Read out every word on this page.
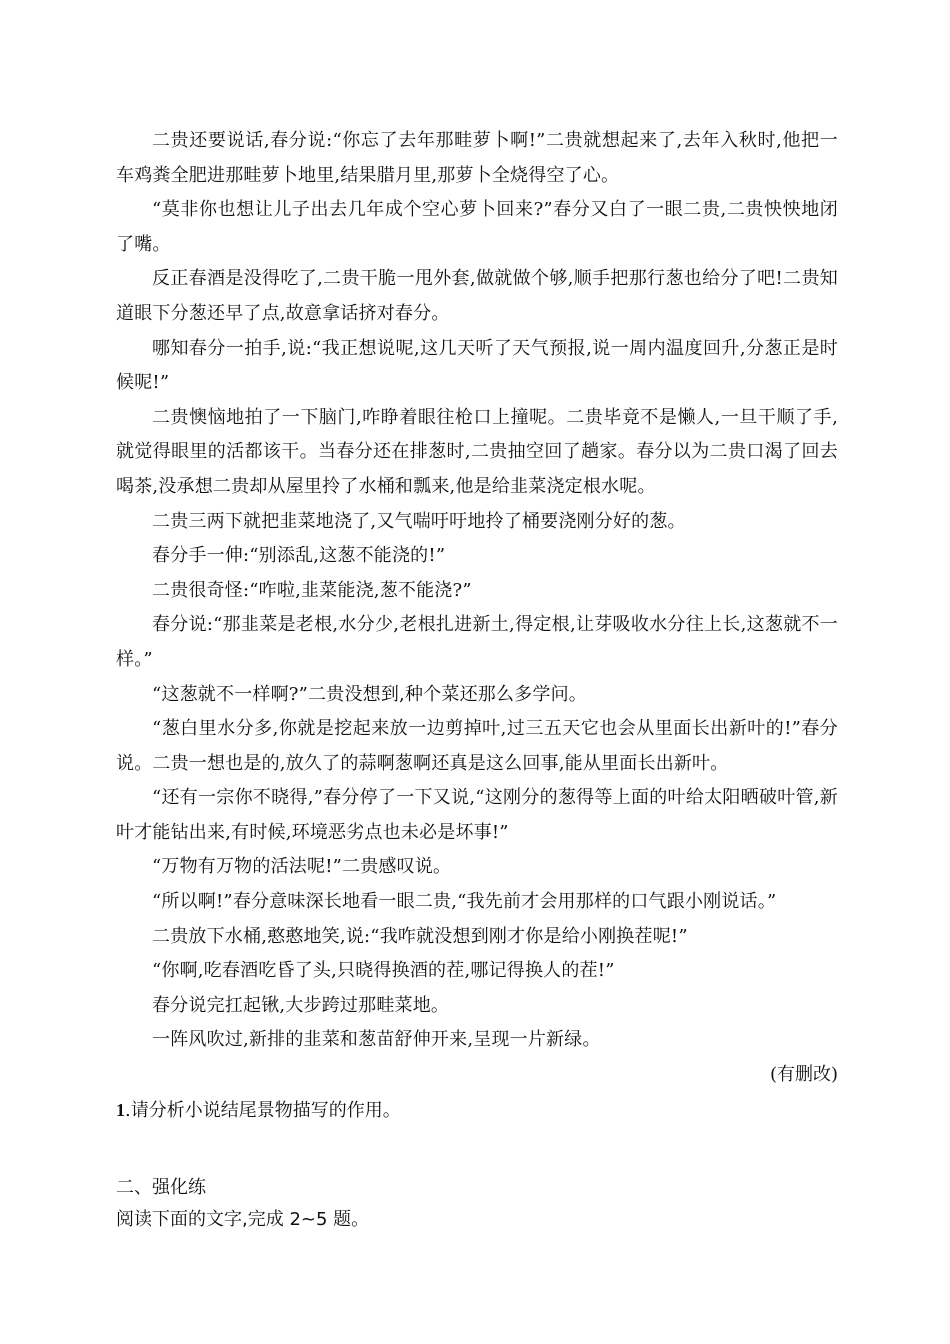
二贵还要说话,春分说:“你忘了去年那畦萝卜啊!”二贵就想起来了,去年入秋时,他把一车鸡粪全肥进那畦萝卜地里,结果腊月里,那萝卜全烧得空了心。

“莫非你也想让儿子出去几年成个空心萝卜回来?”春分又白了一眼二贵,二贵怏怏地闭了嘴。

反正春酒是没得吃了,二贵干脆一甩外套,做就做个够,顺手把那行葱也给分了吧!二贵知道眼下分葱还早了点,故意拿话挤对春分。

哪知春分一拍手,说:“我正想说呢,这几天听了天气预报,说一周内温度回升,分葱正是时候呢!”

二贵懊恼地拍了一下脑门,咋睁着眼往枪口上撞呢。二贵毕竟不是懒人,一旦干顺了手,就觉得眼里的活都该干。当春分还在排葱时,二贵抽空回了趟家。春分以为二贵口渴了回去喝茶,没承想二贵却从屋里拎了水桶和瓢来,他是给韭菜浇定根水呢。

二贵三两下就把韭菜地浇了,又气喘吁吁地拎了桶要浇刚分好的葱。

春分手一伸:“别添乱,这葱不能浇的!”

二贵很奇怪:“咋啦,韭菜能浇,葱不能浇?”

春分说:“那韭菜是老根,水分少,老根扎进新土,得定根,让芽吸收水分往上长,这葱就不一样。”

“这葱就不一样啊?”二贵没想到,种个菜还那么多学问。

“葱白里水分多,你就是挖起来放一边剪掉叶,过三五天它也会从里面长出新叶的!”春分说。二贵一想也是的,放久了的蒜啊葱啊还真是这么回事,能从里面长出新叶。

“还有一宗你不晓得,”春分停了一下又说,“这刚分的葱得等上面的叶给太阳晒破叶管,新叶才能钻出来,有时候,环境恶劣点也未必是坏事!”

“万物有万物的活法呢!”二贵感叹说。

“所以啊!”春分意味深长地看一眼二贵,“我先前才会用那样的口气跟小刚说话。”

二贵放下水桶,憨憨地笑,说:“我咋就没想到刚才你是给小刚换茬呢!”

“你啊,吃春酒吃昏了头,只晓得换酒的茬,哪记得换人的茬!”

春分说完扛起锹,大步跨过那畦菜地。

一阵风吹过,新排的韭菜和葱苗舒伸开来,呈现一片新绿。

(有删改)

1.请分析小说结尾景物描写的作用。

二、强化练

阅读下面的文字,完成 2~5 题。
